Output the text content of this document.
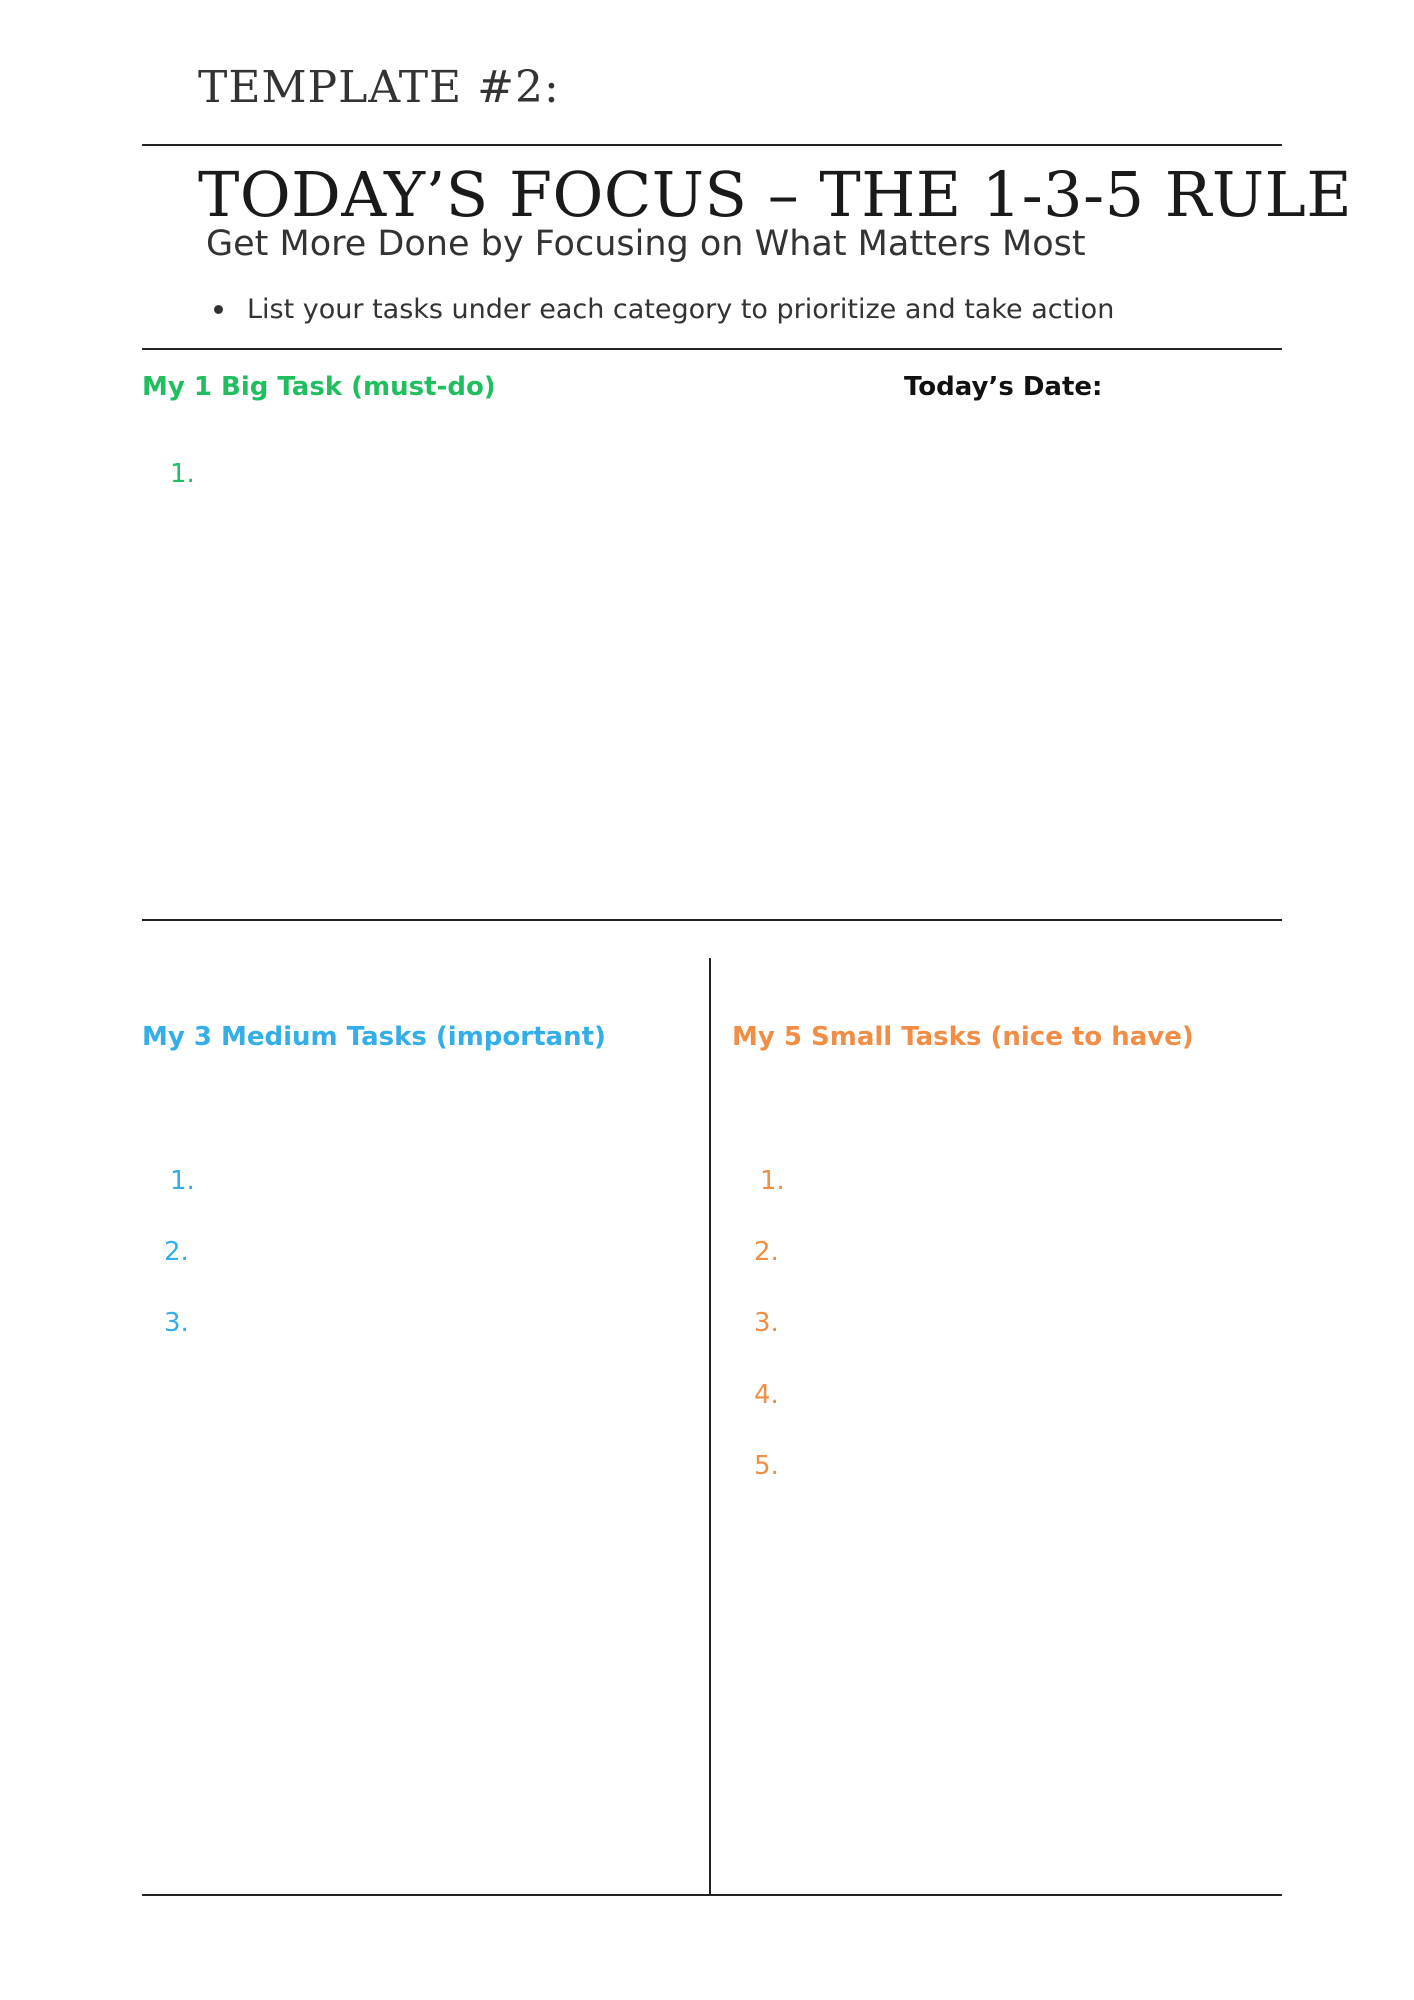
TEMPLATE #2:
TODAY’S FOCUS – THE 1-3-5 RULE
Get More Done by Focusing on What Matters Most
List your tasks under each category to prioritize and take action
My 1 Big Task (must-do)	Today’s Date:
1.
My 3 Medium Tasks (important)
1.
2.
3.
My 5 Small Tasks (nice to have)
1.
2.
3.
4.
5.
